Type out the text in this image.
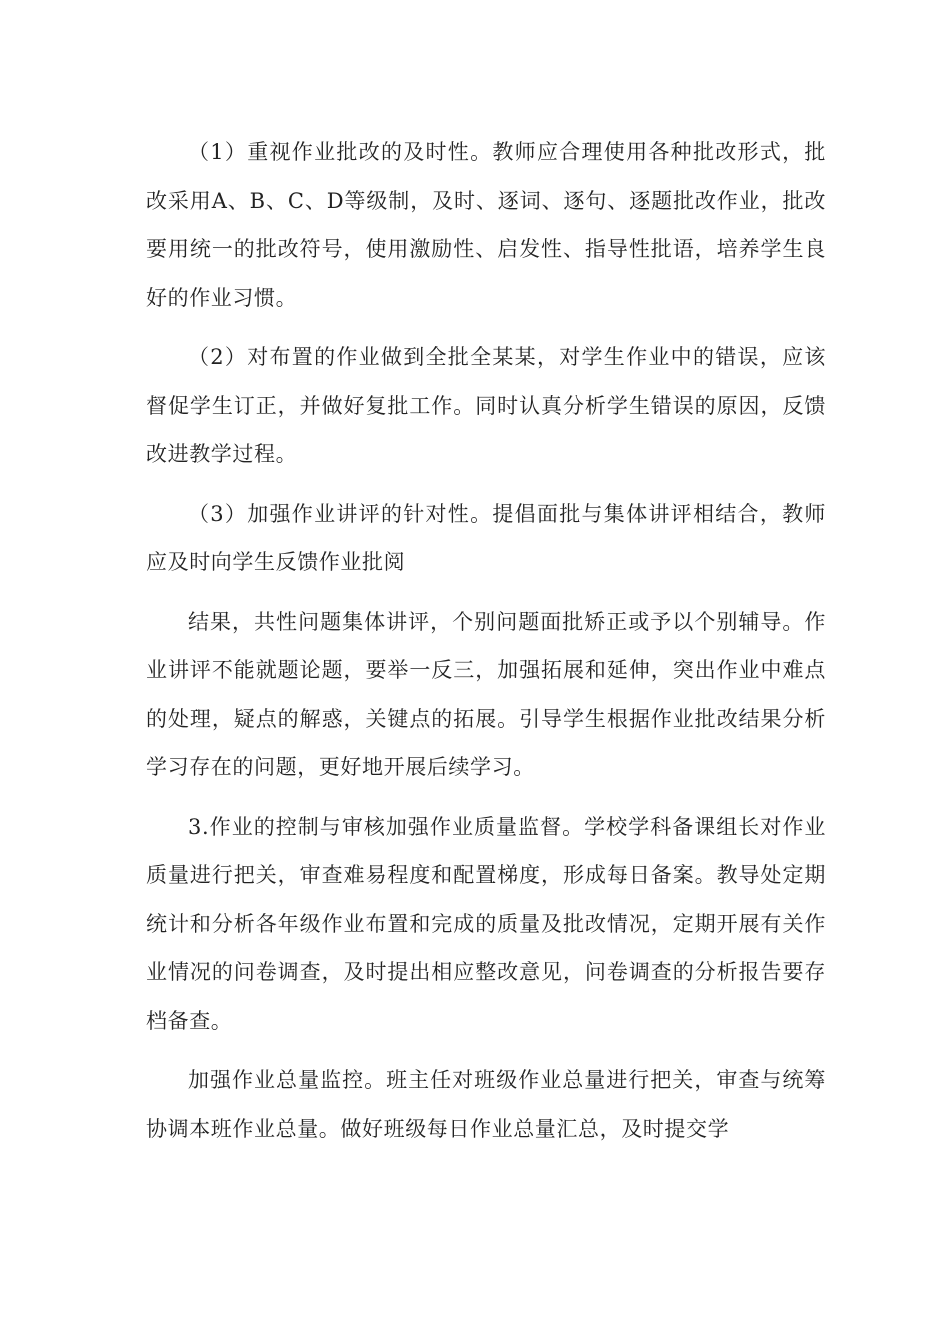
（1）重视作业批改的及时性。教师应合理使用各种批改形式，批改采用A、B、C、D等级制，及时、逐词、逐句、逐题批改作业，批改要用统一的批改符号，使用激励性、启发性、指导性批语，培养学生良好的作业习惯。

（2）对布置的作业做到全批全某某，对学生作业中的错误，应该督促学生订正，并做好复批工作。同时认真分析学生错误的原因，反馈改进教学过程。

（3）加强作业讲评的针对性。提倡面批与集体讲评相结合，教师应及时向学生反馈作业批阅

结果，共性问题集体讲评，个别问题面批矫正或予以个别辅导。作业讲评不能就题论题，要举一反三，加强拓展和延伸，突出作业中难点的处理，疑点的解惑，关键点的拓展。引导学生根据作业批改结果分析学习存在的问题，更好地开展后续学习。

3.作业的控制与审核加强作业质量监督。学校学科备课组长对作业质量进行把关，审查难易程度和配置梯度，形成每日备案。教导处定期统计和分析各年级作业布置和完成的质量及批改情况，定期开展有关作业情况的问卷调查，及时提出相应整改意见，问卷调查的分析报告要存档备查。

加强作业总量监控。班主任对班级作业总量进行把关，审查与统筹协调本班作业总量。做好班级每日作业总量汇总，及时提交学
